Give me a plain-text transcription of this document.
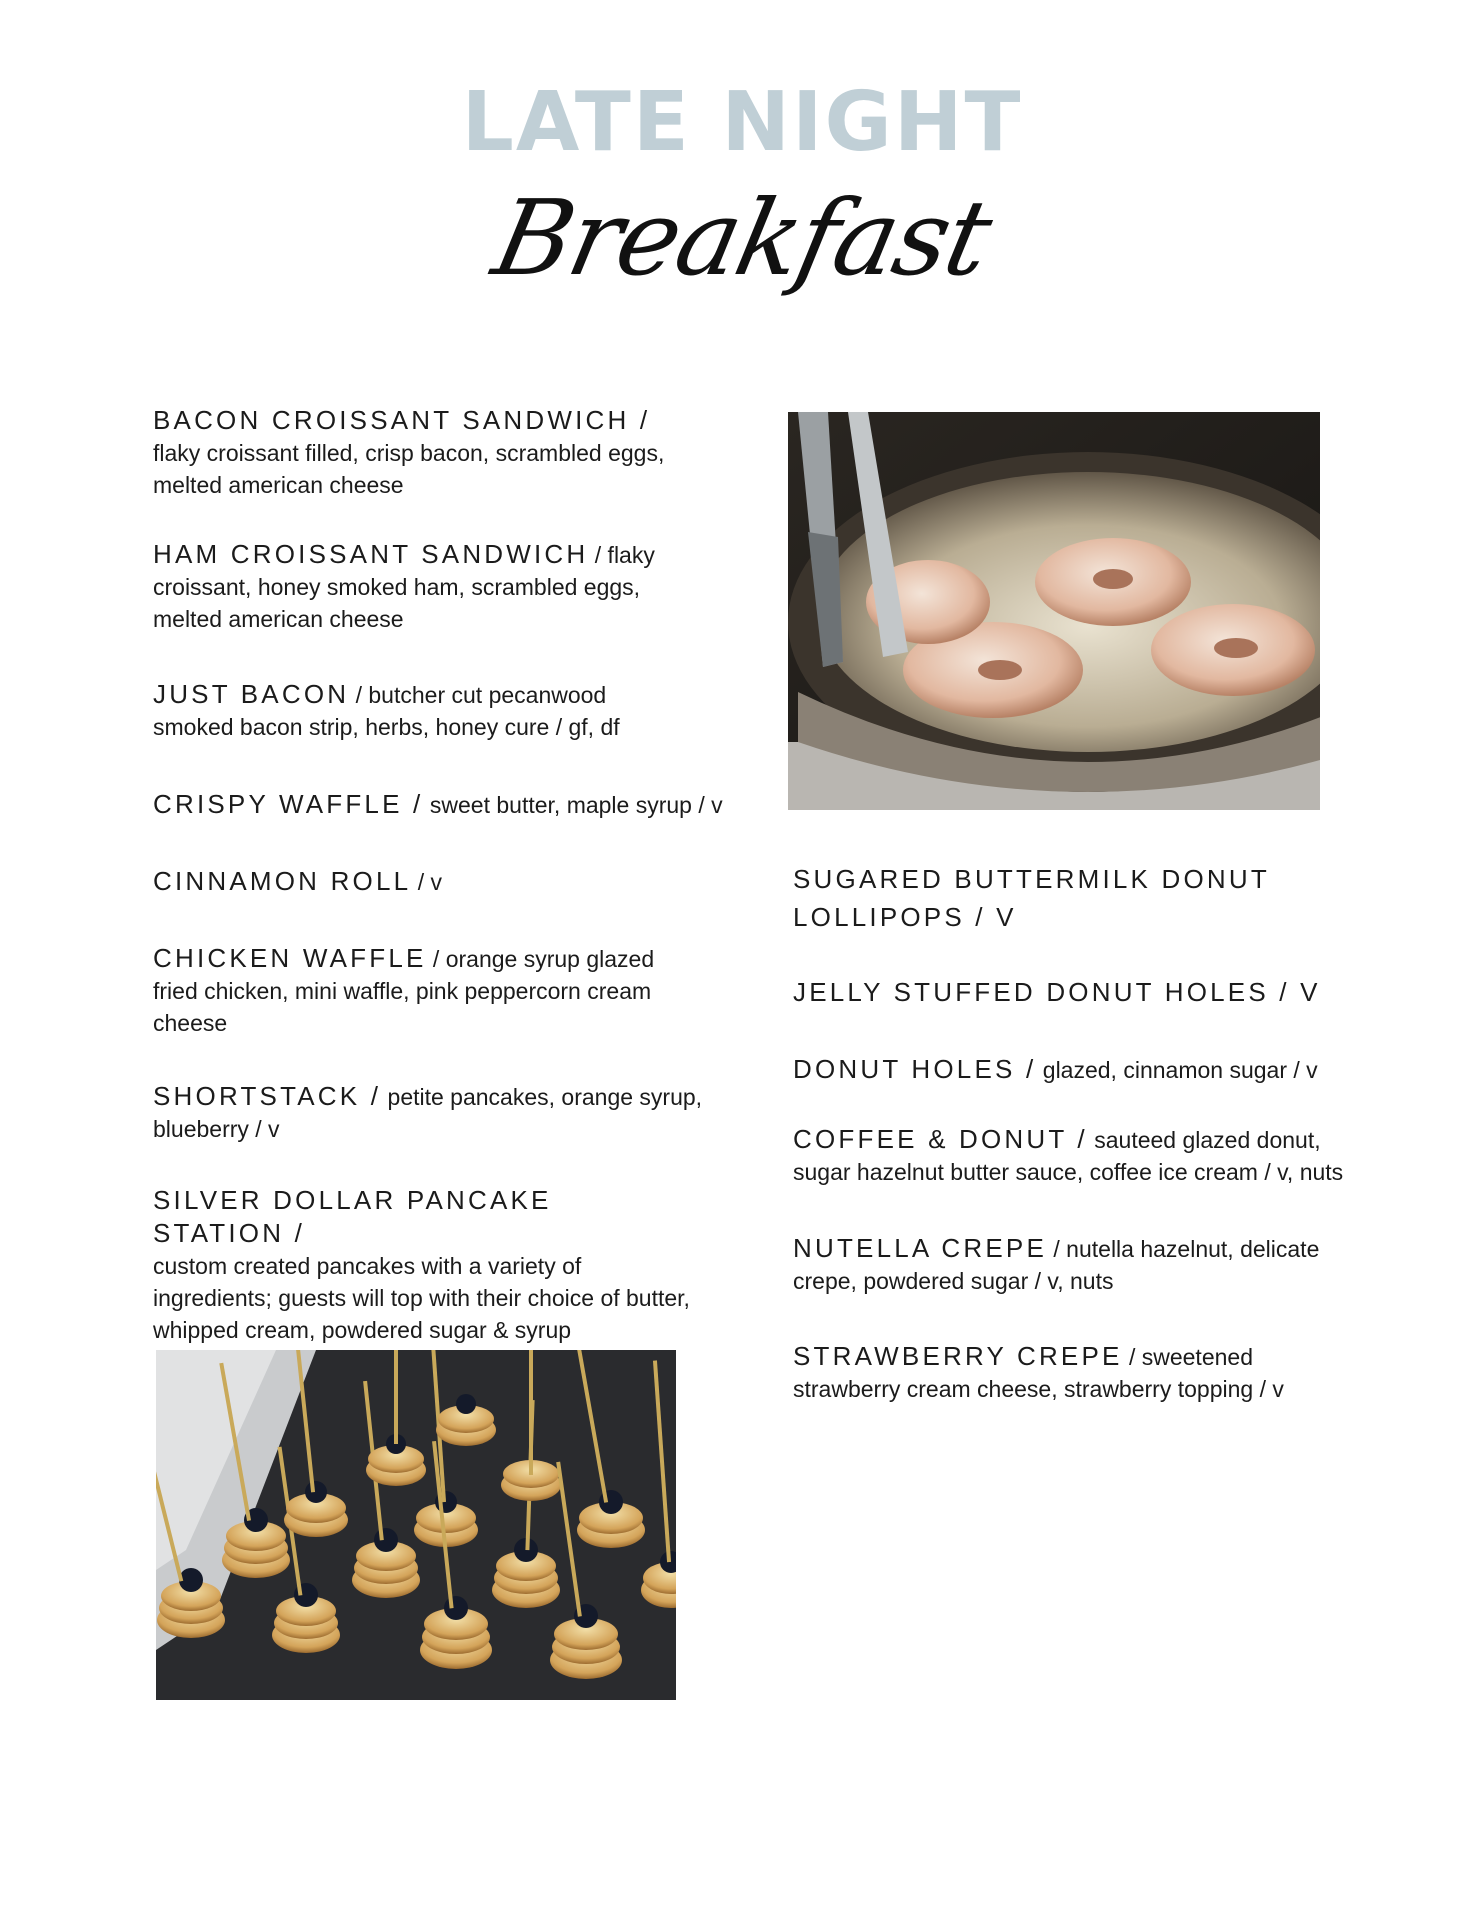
LATE NIGHT
Breakfast
BACON CROISSANT SANDWICH /
flaky croissant filled, crisp bacon, scrambled eggs, melted american cheese
HAM CROISSANT SANDWICH / flaky croissant, honey smoked ham, scrambled eggs, melted american cheese
JUST BACON / butcher cut pecanwood smoked bacon strip, herbs, honey cure / gf, df
CRISPY WAFFLE / sweet butter, maple syrup / v
CINNAMON ROLL / v
CHICKEN WAFFLE / orange syrup glazed fried chicken, mini waffle, pink peppercorn cream cheese
SHORTSTACK / petite pancakes, orange syrup, blueberry / v
SILVER DOLLAR PANCAKE STATION /
custom created pancakes with a variety of ingredients; guests will top with their choice of butter, whipped cream, powdered sugar & syrup
SUGARED BUTTERMILK DONUT LOLLIPOPS / V
JELLY STUFFED DONUT HOLES / V
DONUT HOLES / glazed, cinnamon sugar / v
COFFEE & DONUT / sauteed glazed donut, sugar hazelnut butter sauce, coffee ice cream / v, nuts
NUTELLA CREPE / nutella hazelnut, delicate crepe, powdered sugar / v, nuts
STRAWBERRY CREPE / sweetened strawberry cream cheese, strawberry topping / v
